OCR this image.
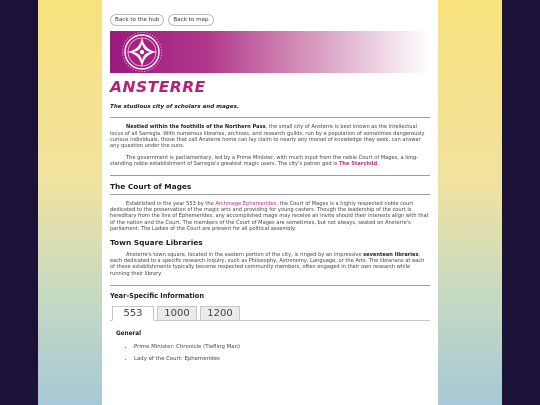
Back to the hub	Back to map
ANSTERRE
The studious city of scholars and mages.

Nestled within the foothills of the Northern Pass, the small city of Ansterre is best known as the intellectual locus of all Sarregia. With numerous libraries, archives, and research guilds, run by a population of sometimes dangerously curious individuals, those that call Ansterre home can lay claim to nearly any morsel of knowledge they seek, can answer any question under the suns.

The government is parliamentary, led by a Prime Minister, with much input from the noble Court of Mages, a long-standing noble establishment of Sarregia's greatest magic users. The city's patron god is The Starchild.

The Court of Mages

Established in the year 553 by the Archmage Ephemerides, the Court of Mages is a highly respected noble court dedicated to the preservation of the magic arts and providing for young casters. Though the leadership of the court is hereditary from the line of Ephemerides, any accomplished mage may receive an invite should their interests align with that of the nation and the Court. The members of the Court of Mages are sometimes, but not always, seated on Ansterre's parliament. The Ladies of the Court are present for all political assembly.

Town Square Libraries

Ansterre's town square, located in the eastern portion of the city, is ringed by an impressive seventeen libraries, each dedicated to a specific research inquiry, such as Philosophy, Astronomy, Language, or the Arts. The librarians at each of these establishments typically become respected community members, often engaged in their own research while running their library.

Year-Specific Information
553	1000	1200
General
• Prime Minister: Chronicle (Tiefling Man)
• Lady of the Court: Ephemerides
